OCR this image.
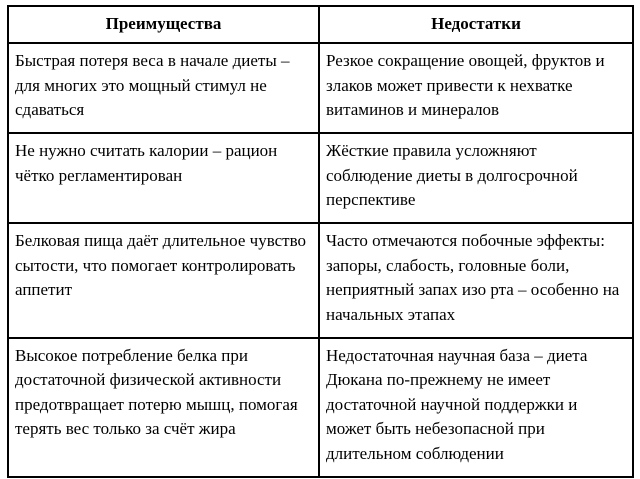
Преимущества	Недостатки
Быстрая потеря веса в начале диеты – для многих это мощный стимул не сдаваться	Резкое сокращение овощей, фруктов и злаков может привести к нехватке витаминов и минералов
Не нужно считать калории – рацион чётко регламентирован	Жёсткие правила усложняют соблюдение диеты в долгосрочной перспективе
Белковая пища даёт длительное чувство сытости, что помогает контролировать аппетит	Часто отмечаются побочные эффекты: запоры, слабость, головные боли, неприятный запах изо рта – особенно на начальных этапах
Высокое потребление белка при достаточной физической активности предотвращает потерю мышц, помогая терять вес только за счёт жира	Недостаточная научная база – диета Дюкана по-прежнему не имеет достаточной научной поддержки и может быть небезопасной при длительном соблюдении
